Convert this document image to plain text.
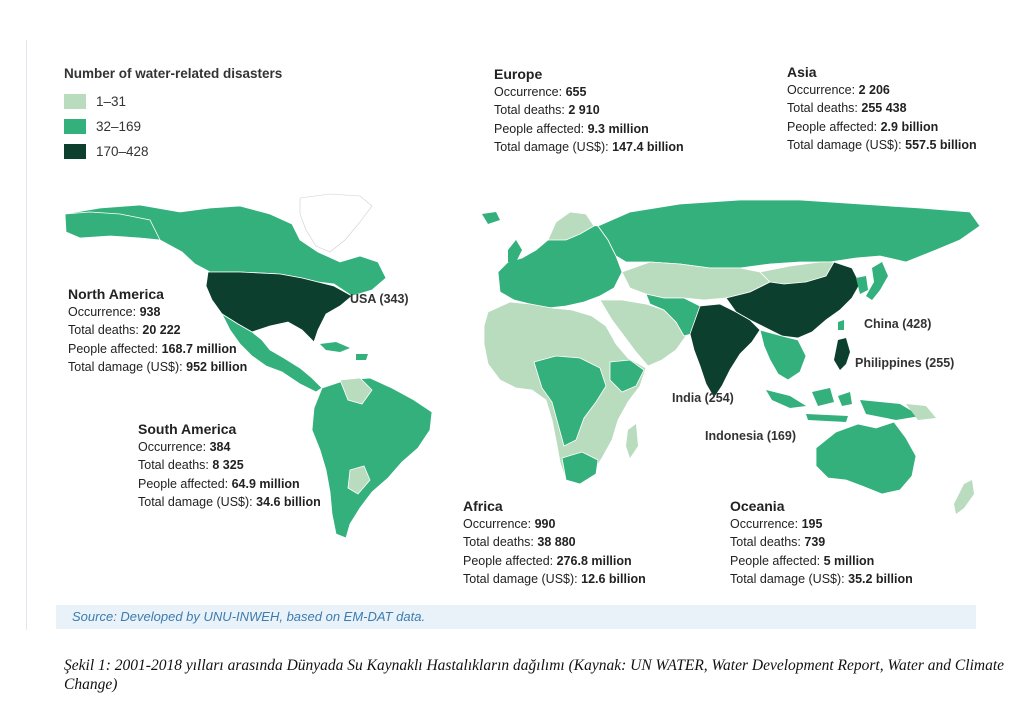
Number of water-related disasters
1–31
32–169
170–428
Europe
Occurrence: 655
Total deaths: 2 910
People affected: 9.3 million
Total damage (US$): 147.4 billion
Asia
Occurrence: 2 206
Total deaths: 255 438
People affected: 2.9 billion
Total damage (US$): 557.5 billion
North America
Occurrence: 938
Total deaths: 20 222
People affected: 168.7 million
Total damage (US$): 952 billion
South America
Occurrence: 384
Total deaths: 8 325
People affected: 64.9 million
Total damage (US$): 34.6 billion	Africa
Occurrence: 990
Total deaths: 38 880
People affected: 276.8 million
Total damage (US$): 12.6 billion
Oceania
Occurrence: 195
Total deaths: 739
People affected: 5 million
Total damage (US$): 35.2 billion
USA (343)
China (428)
Philippines (255)
India (254)
Indonesia (169)
Source: Developed by UNU-INWEH, based on EM-DAT data.
Şekil 1: 2001-2018 yılları arasında Dünyada Su Kaynaklı Hastalıkların dağılımı (Kaynak: UN WATER, Water Development Report, Water and Climate Change)
